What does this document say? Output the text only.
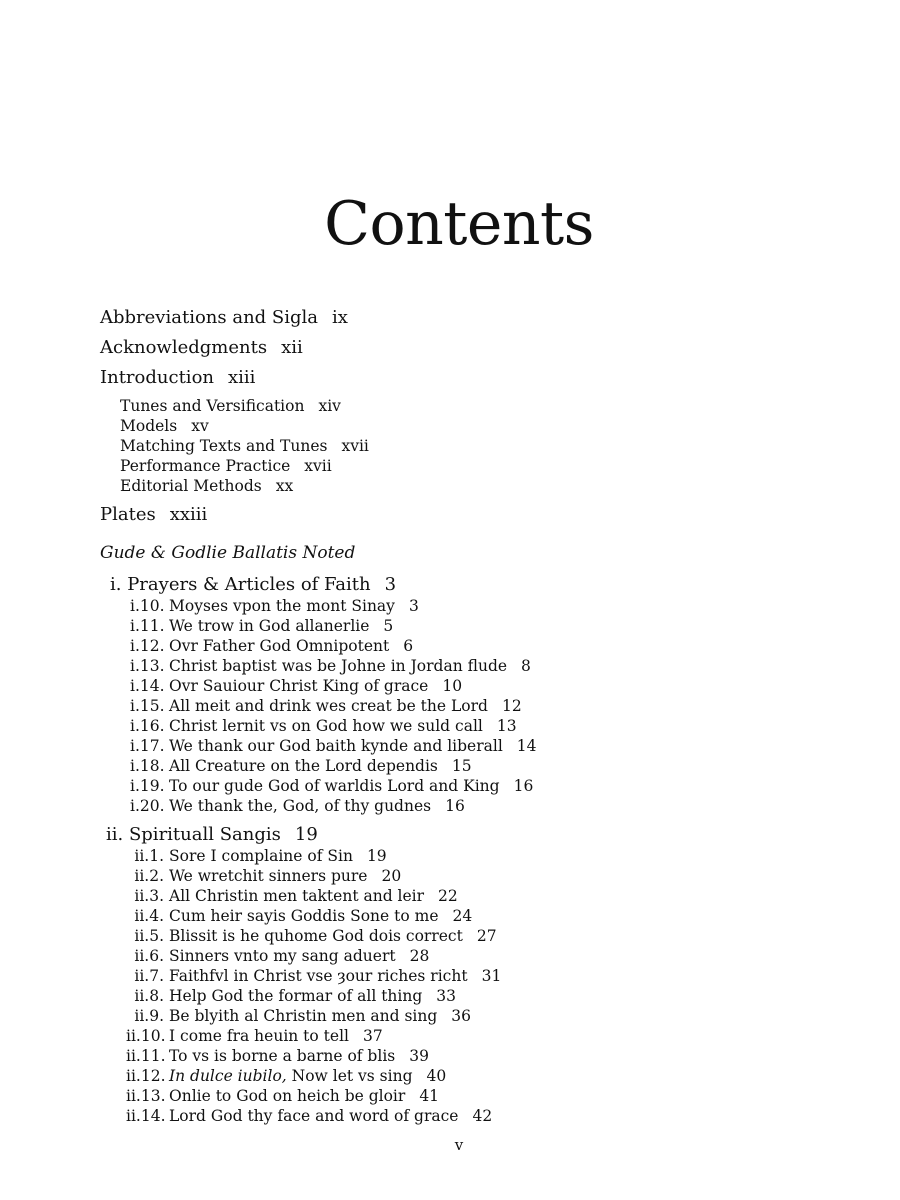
Contents
Abbreviations and Sigla ix
Acknowledgments xii
Introduction xiii
Tunes and Versification xiv
Models xv
Matching Texts and Tunes xvii
Performance Practice xvii
Editorial Methods xx
Plates xxiii
Gude & Godlie Ballatis Noted
i. Prayers & Articles of Faith 3
i.10. Moyses vpon the mont Sinay 3
i.11. We trow in God allanerlie 5
i.12. Ovr Father God Omnipotent 6
i.13. Christ baptist was be Johne in Jordan flude 8
i.14. Ovr Sauiour Christ King of grace 10
i.15. All meit and drink wes creat be the Lord 12
i.16. Christ lernit vs on God how we suld call 13
i.17. We thank our God baith kynde and liberall 14
i.18. All Creature on the Lord dependis 15
i.19. To our gude God of warldis Lord and King 16
i.20. We thank the, God, of thy gudnes 16
ii. Spirituall Sangis 19
ii.1. Sore I complaine of Sin 19
ii.2. We wretchit sinners pure 20
ii.3. All Christin men taktent and leir 22
ii.4. Cum heir sayis Goddis Sone to me 24
ii.5. Blissit is he quhome God dois correct 27
ii.6. Sinners vnto my sang aduert 28
ii.7. Faithfvl in Christ vse ȝour riches richt 31
ii.8. Help God the formar of all thing 33
ii.9. Be blyith al Christin men and sing 36
ii.10. I come fra heuin to tell 37
ii.11. To vs is borne a barne of blis 39
ii.12. In dulce iubilo, Now let vs sing 40
ii.13. Onlie to God on heich be gloir 41
ii.14. Lord God thy face and word of grace 42
v
